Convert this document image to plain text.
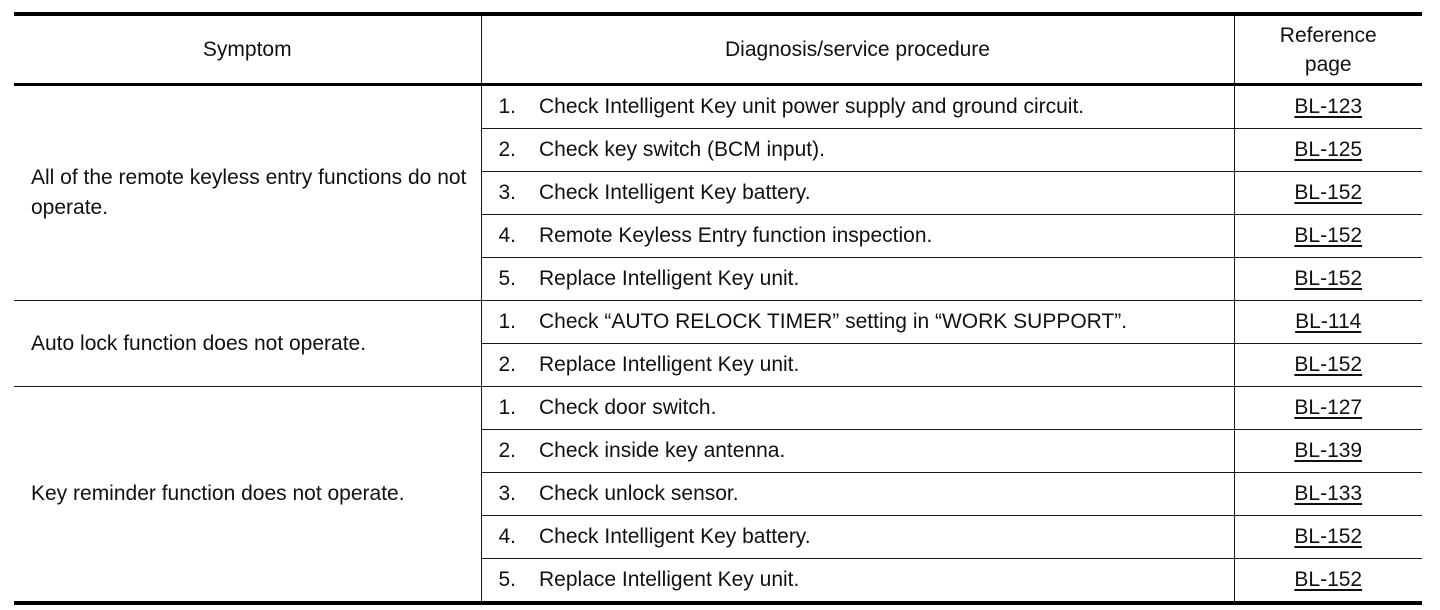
Symptom	Diagnosis/service procedure		Reference
page

All of the remote keyless entry functions do not operate.	1.	Check Intelligent Key unit power supply and ground circuit.	BL-123
	2.	Check key switch (BCM input).	BL-125
	3.	Check Intelligent Key battery.	BL-152
	4.	Remote Keyless Entry function inspection.	BL-152
	5.	Replace Intelligent Key unit.	BL-152
Auto lock function does not operate.	1.	Check “AUTO RELOCK TIMER” setting in “WORK SUPPORT”.	BL-114
	2.	Replace Intelligent Key unit.	BL-152
Key reminder function does not operate.	1.	Check door switch.	BL-127
	2.	Check inside key antenna.	BL-139
	3.	Check unlock sensor.	BL-133
	4.	Check Intelligent Key battery.	BL-152
	5.	Replace Intelligent Key unit.	BL-152
